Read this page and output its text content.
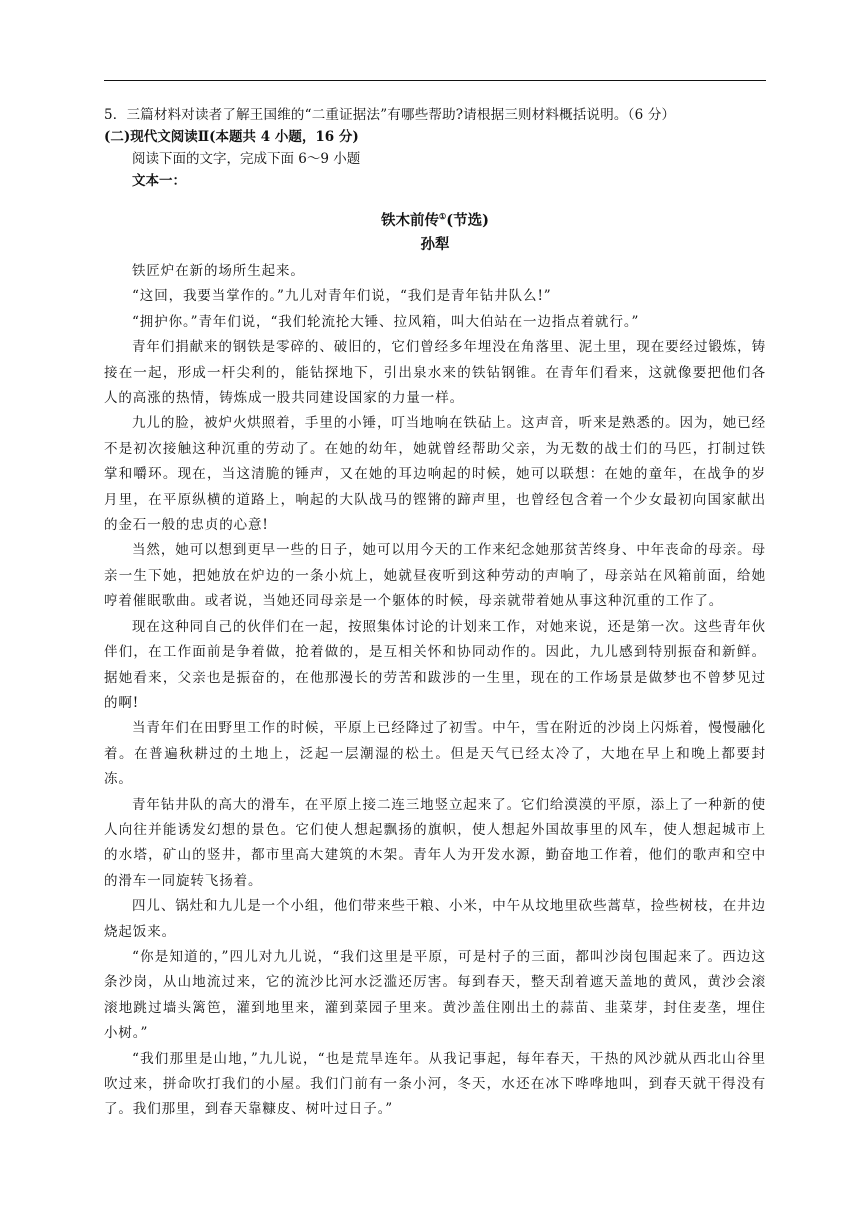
5．三篇材料对读者了解王国维的“二重证据法”有哪些帮助?请根据三则材料概括说明。（6 分）

(二)现代文阅读Ⅱ(本题共 4 小题，16 分)

阅读下面的文字，完成下面 6～9 小题

文本一：

铁木前传①(节选)
孙犁

铁匠炉在新的场所生起来。

“这回，我要当掌作的。”九儿对青年们说，“我们是青年钻井队么!”

“拥护你。”青年们说，“我们轮流抡大锤、拉风箱，叫大伯站在一边指点着就行。”

青年们捐献来的钢铁是零碎的、破旧的，它们曾经多年埋没在角落里、泥土里，现在要经过锻炼，铸接在一起，形成一杆尖利的，能钻探地下，引出泉水来的铁钻钢锥。在青年们看来，这就像要把他们各人的高涨的热情，铸炼成一股共同建设国家的力量一样。

九儿的脸，被炉火烘照着，手里的小锤，叮当地响在铁砧上。这声音，听来是熟悉的。因为，她已经不是初次接触这种沉重的劳动了。在她的幼年，她就曾经帮助父亲，为无数的战士们的马匹，打制过铁掌和嚼环。现在，当这清脆的锤声，又在她的耳边响起的时候，她可以联想：在她的童年，在战争的岁月里，在平原纵横的道路上，响起的大队战马的铿锵的蹄声里，也曾经包含着一个少女最初向国家献出的金石一般的忠贞的心意!

当然，她可以想到更早一些的日子，她可以用今天的工作来纪念她那贫苦终身、中年丧命的母亲。母亲一生下她，把她放在炉边的一条小炕上，她就昼夜听到这种劳动的声响了，母亲站在风箱前面，给她哼着催眠歌曲。或者说，当她还同母亲是一个躯体的时候，母亲就带着她从事这种沉重的工作了。

现在这种同自己的伙伴们在一起，按照集体讨论的计划来工作，对她来说，还是第一次。这些青年伙伴们，在工作面前是争着做，抢着做的，是互相关怀和协同动作的。因此，九儿感到特别振奋和新鲜。据她看来，父亲也是振奋的，在他那漫长的劳苦和跋涉的一生里，现在的工作场景是做梦也不曾梦见过的啊!

当青年们在田野里工作的时候，平原上已经降过了初雪。中午，雪在附近的沙岗上闪烁着，慢慢融化着。在普遍秋耕过的土地上，泛起一层潮湿的松土。但是天气已经太冷了，大地在早上和晚上都要封冻。

青年钻井队的高大的滑车，在平原上接二连三地竖立起来了。它们给漠漠的平原，添上了一种新的使人向往并能诱发幻想的景色。它们使人想起飘扬的旗帜，使人想起外国故事里的风车，使人想起城市上的水塔，矿山的竖井，都市里高大建筑的木架。青年人为开发水源，勤奋地工作着，他们的歌声和空中的滑车一同旋转飞扬着。

四儿、锅灶和九儿是一个小组，他们带来些干粮、小米，中午从坟地里砍些蒿草，捡些树枝，在井边烧起饭来。

“你是知道的，”四儿对九儿说，“我们这里是平原，可是村子的三面，都叫沙岗包围起来了。西边这条沙岗，从山地流过来，它的流沙比河水泛滥还厉害。每到春天，整天刮着遮天盖地的黄风，黄沙会滚滚地跳过墙头篱笆，灌到地里来，灌到菜园子里来。黄沙盖住刚出土的蒜苗、韭菜芽，封住麦垄，埋住小树。”

“我们那里是山地，”九儿说，“也是荒旱连年。从我记事起，每年春天，干热的风沙就从西北山谷里吹过来，拼命吹打我们的小屋。我们门前有一条小河，冬天，水还在冰下哗哗地叫，到春天就干得没有了。我们那里，到春天靠糠皮、树叶过日子。”
